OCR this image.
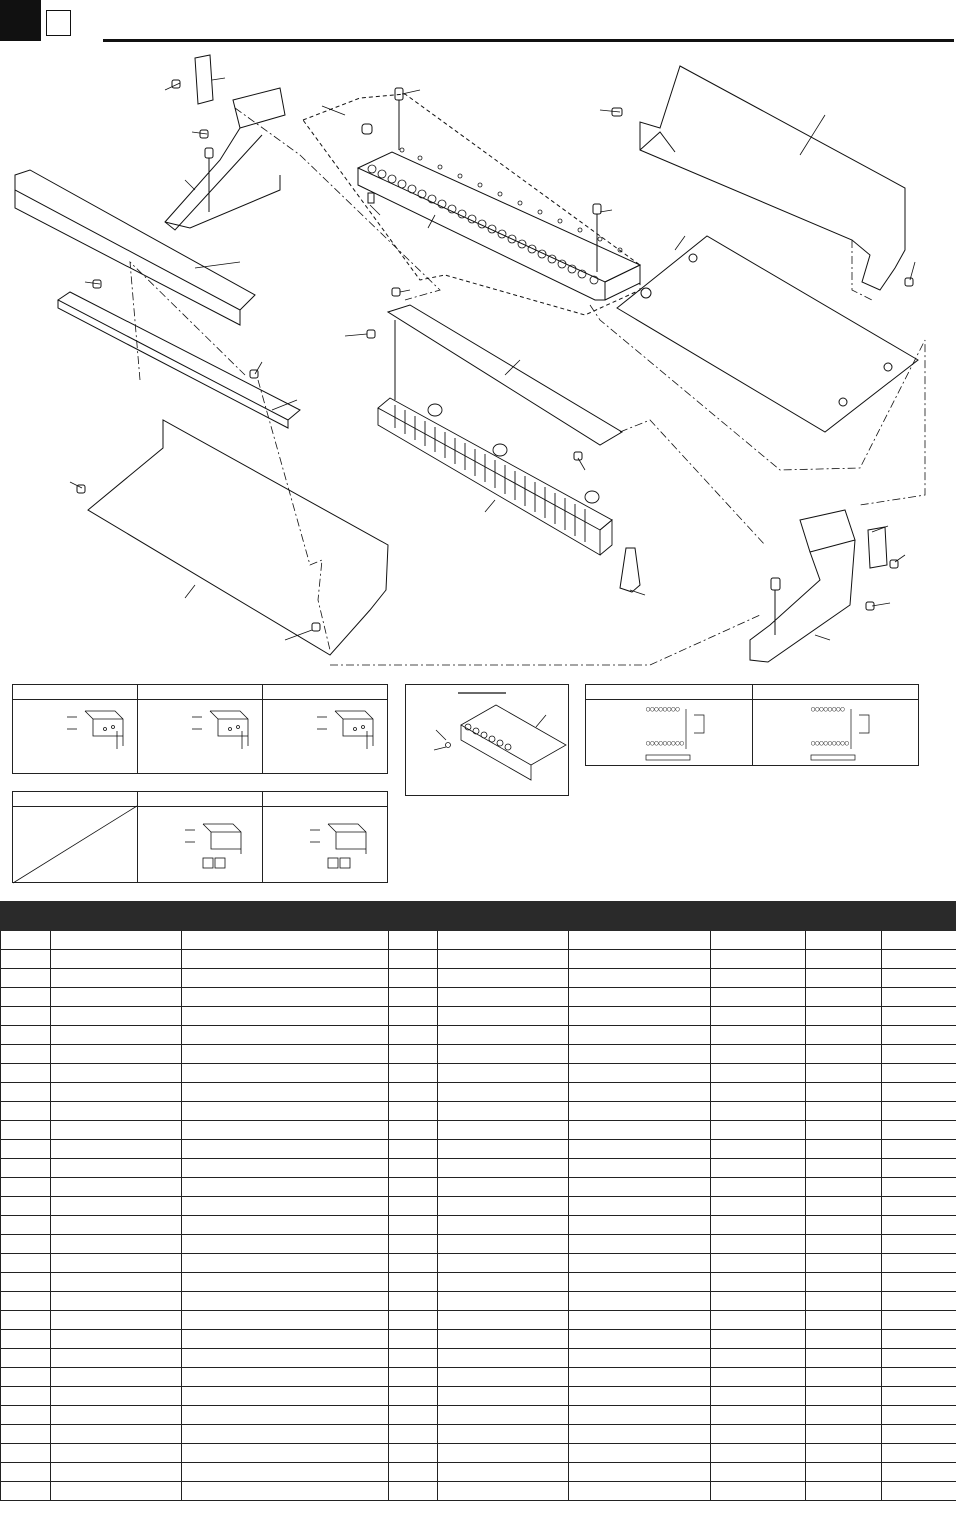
○○○○○○○○
○○○○○○○○○
○○○○○○○○
○○○○○○○○○
